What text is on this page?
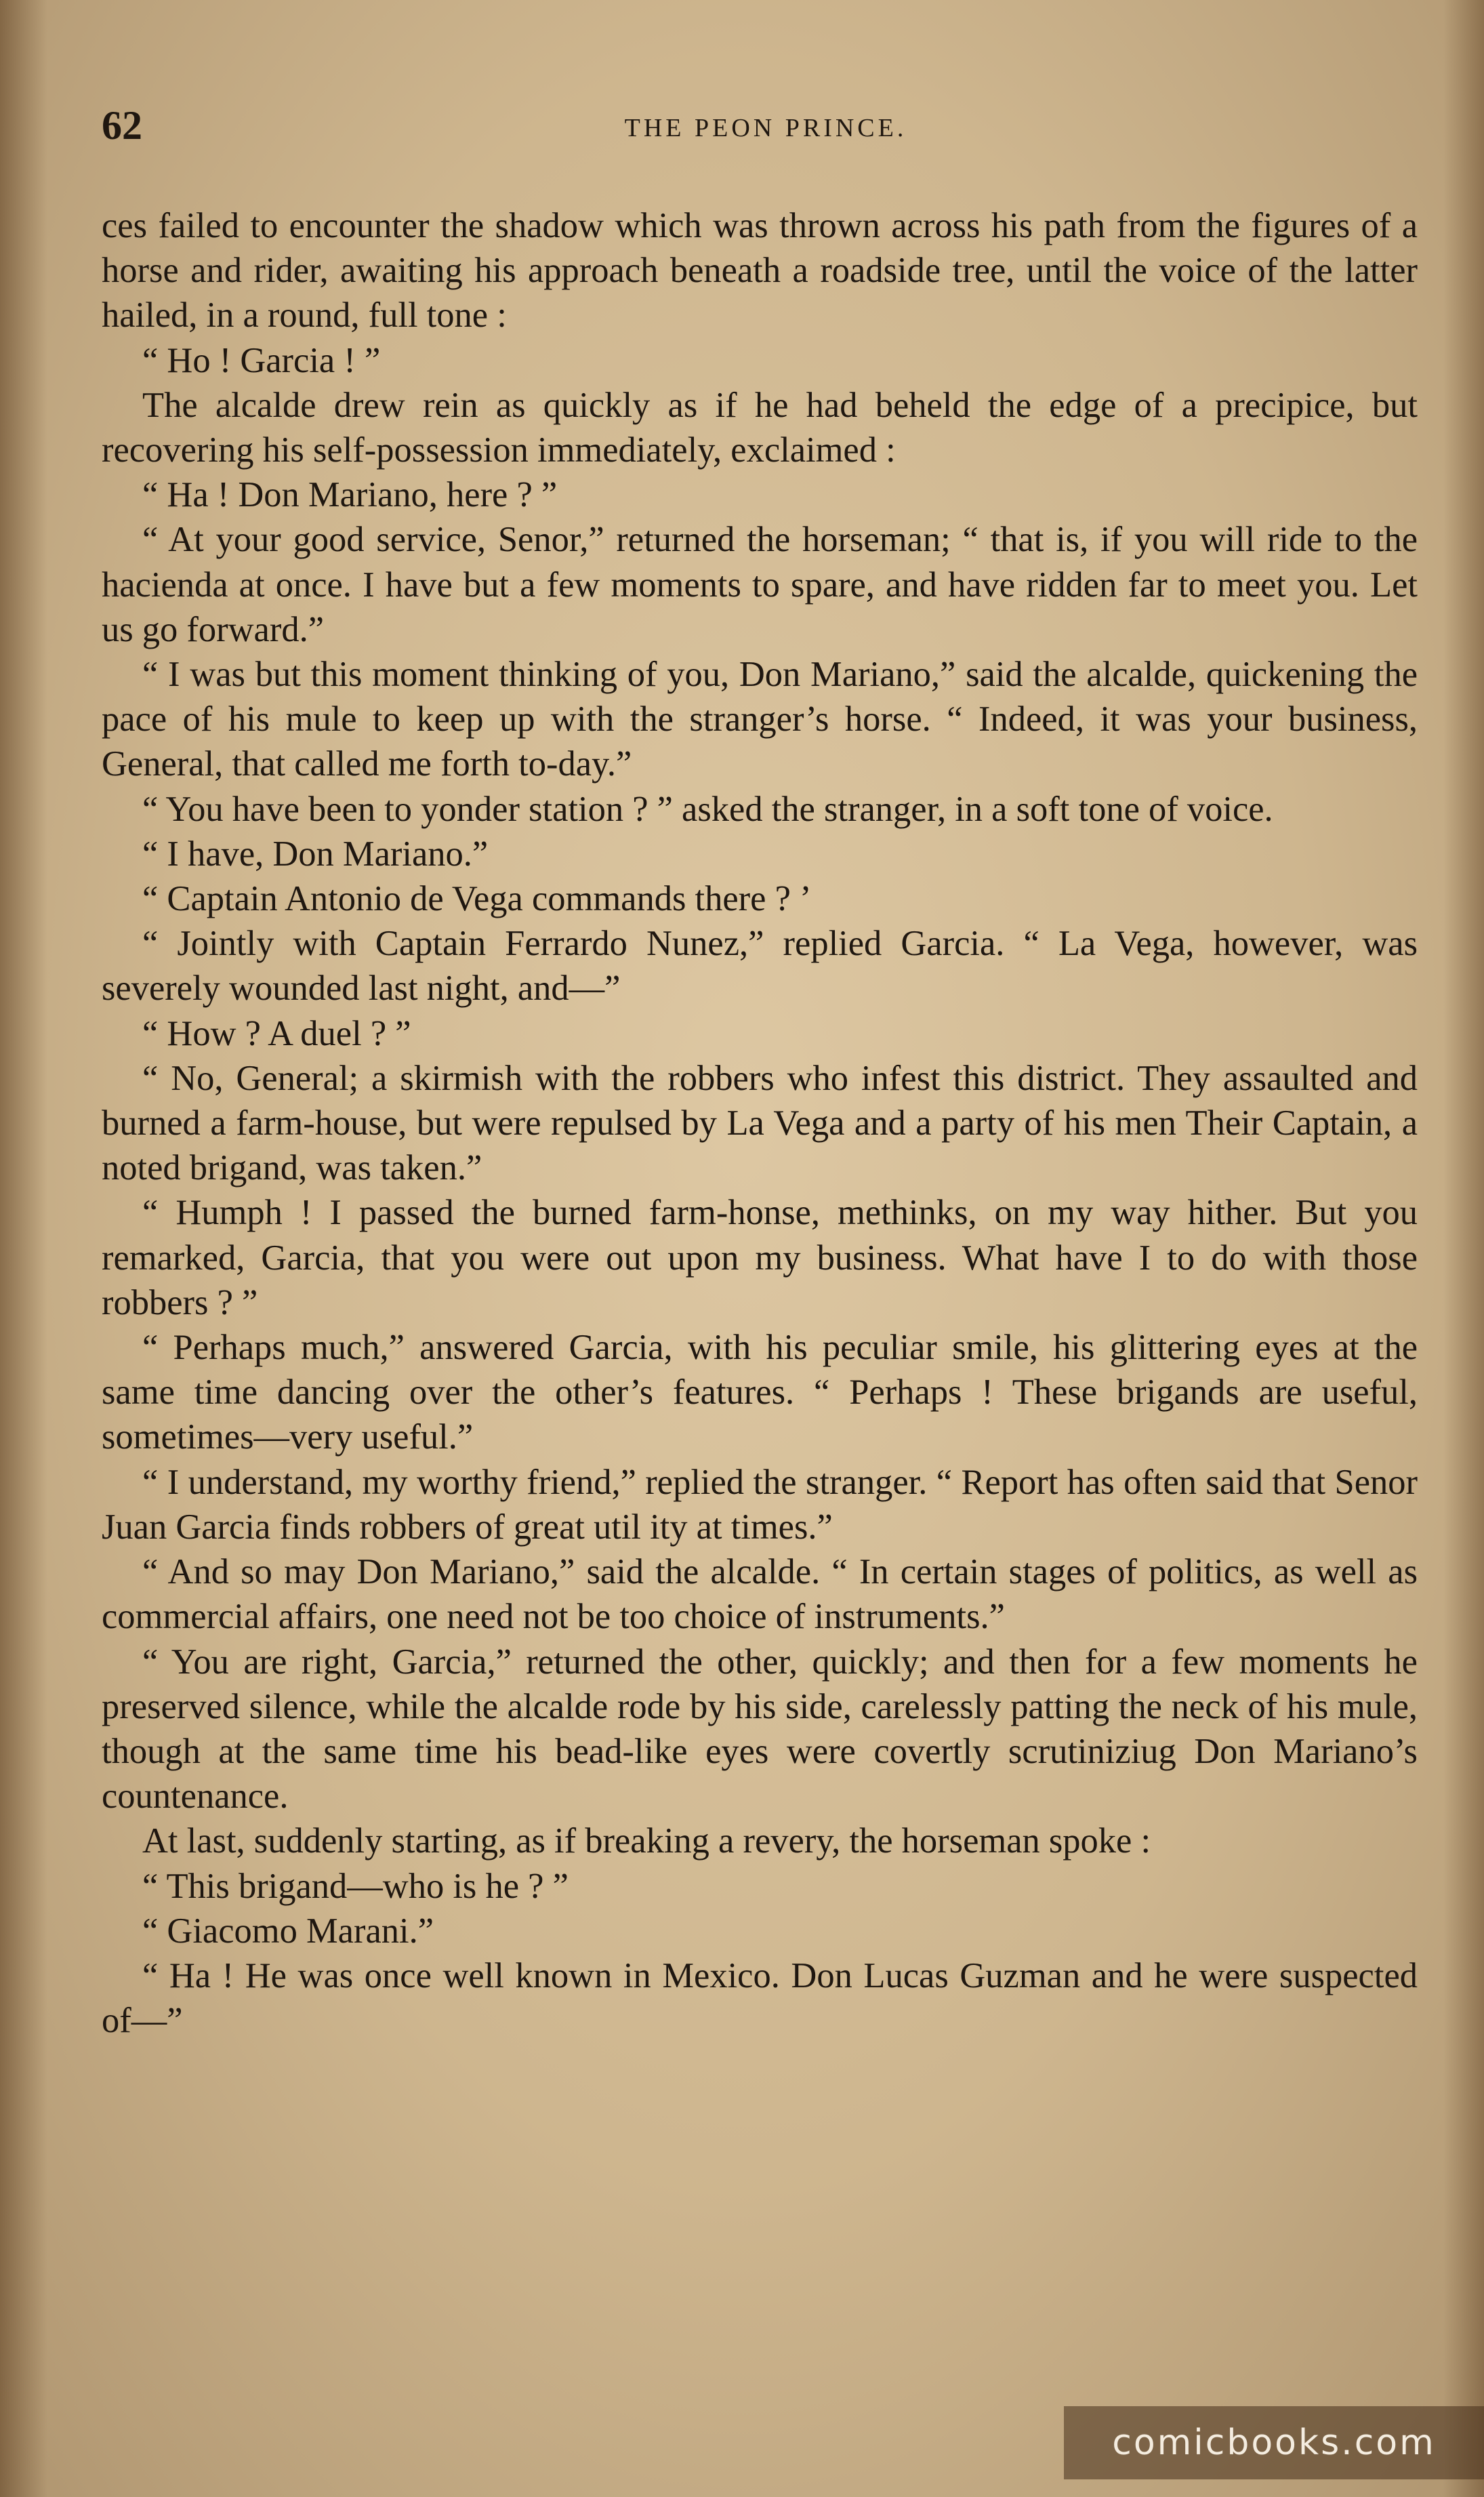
62	THE PEON PRINCE.

ces failed to encounter the shadow which was thrown across his path from the figures of a horse and rider, awaiting his approach beneath a roadside tree, until the voice of the latter hailed, in a round, full tone :

“ Ho ! Garcia ! ”

The alcalde drew rein as quickly as if he had beheld the edge of a precipice, but recovering his self-possession immediately, exclaimed :

“ Ha ! Don Mariano, here ? ”

“ At your good service, Senor,” returned the horseman; “ that is, if you will ride to the hacienda at once. I have but a few moments to spare, and have ridden far to meet you. Let us go forward.”

“ I was but this moment thinking of you, Don Mariano,” said the alcalde, quickening the pace of his mule to keep up with the stranger’s horse. “ Indeed, it was your business, General, that called me forth to-day.”

“ You have been to yonder station ? ” asked the stranger, in a soft tone of voice.

“ I have, Don Mariano.”

“ Captain Antonio de Vega commands there ? ’

“ Jointly with Captain Ferrardo Nunez,” replied Garcia. “ La Vega, however, was severely wounded last night, and—”

“ How ? A duel ? ”

“ No, General; a skirmish with the robbers who infest this district. They assaulted and burned a farm-house, but were repulsed by La Vega and a party of his men Their Captain, a noted brigand, was taken.”

“ Humph ! I passed the burned farm-honse, methinks, on my way hither. But you remarked, Garcia, that you were out upon my business. What have I to do with those robbers ? ”

“ Perhaps much,” answered Garcia, with his peculiar smile, his glittering eyes at the same time dancing over the other’s features. “ Perhaps ! These brigands are useful, sometimes—very useful.”

“ I understand, my worthy friend,” replied the stranger. “ Report has often said that Senor Juan Garcia finds robbers of great util ity at times.”

“ And so may Don Mariano,” said the alcalde. “ In certain stages of politics, as well as commercial affairs, one need not be too choice of instruments.”

“ You are right, Garcia,” returned the other, quickly; and then for a few moments he preserved silence, while the alcalde rode by his side, carelessly patting the neck of his mule, though at the same time his bead-like eyes were covertly scrutiniziug Don Mariano’s countenance.

At last, suddenly starting, as if breaking a revery, the horseman spoke :

“ This brigand—who is he ? ”

“ Giacomo Marani.”

“ Ha ! He was once well known in Mexico. Don Lucas Guzman and he were suspected of—”

comicbooks.com
